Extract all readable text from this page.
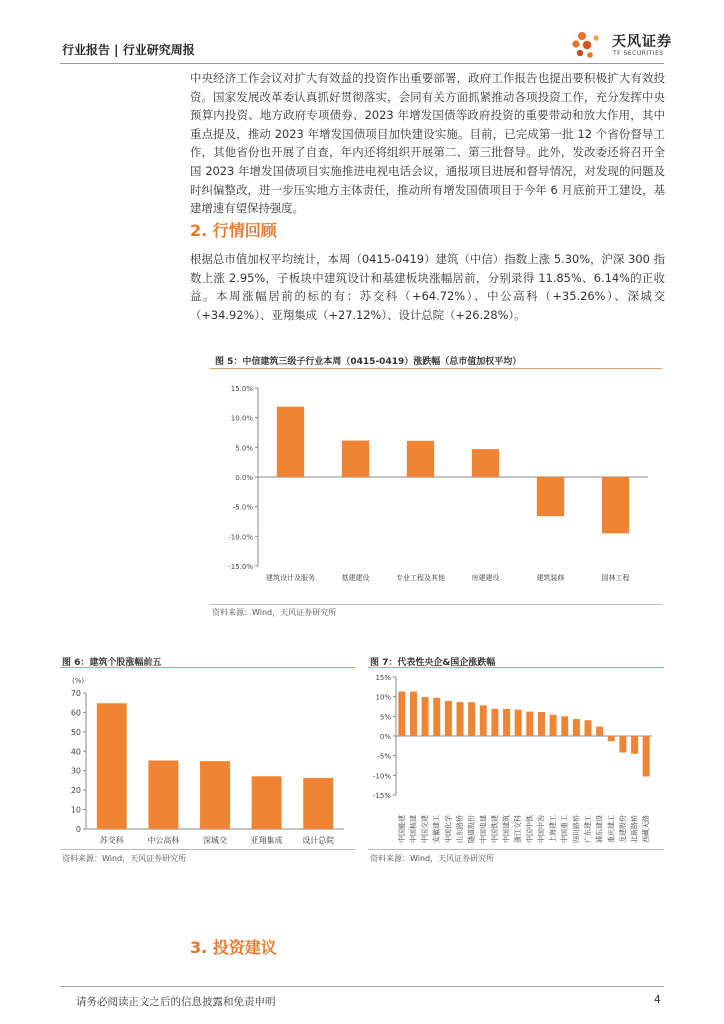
行业报告 | 行业研究周报	天风证券
TF SECURITIES

中央经济工作会议对扩大有效益的投资作出重要部署，政府工作报告也提出要积极扩大有效投资。国家发展改革委认真抓好贯彻落实，会同有关方面抓紧推动各项投资工作，充分发挥中央预算内投资、地方政府专项债券、2023 年增发国债等政府投资的重要带动和放大作用，其中重点提及，推动 2023 年增发国债项目加快建设实施。目前，已完成第一批 12 个省份督导工作，其他省份也开展了自查，年内还将组织开展第二、第三批督导。此外，发改委还将召开全国 2023 年增发国债项目实施推进电视电话会议，通报项目进展和督导情况，对发现的问题及时纠偏整改，进一步压实地方主体责任，推动所有增发国债项目于今年 6 月底前开工建设，基建增速有望保持强度。

2. 行情回顾

根据总市值加权平均统计，本周（0415-0419）建筑（中信）指数上涨 5.30%，沪深 300 指数上涨 2.95%，子板块中建筑设计和基建板块涨幅居前，分别录得 11.85%、6.14%的正收益。本周涨幅居前的标的有：苏交科（+64.72%）、中公高科（+35.26%）、深城交（+34.92%）、亚翔集成（+27.12%）、设计总院（+26.28%）。

图 5：中信建筑三级子行业本周（0415-0419）涨跌幅（总市值加权平均）
15.0%
10.0%
5.0%
0.0%
-5.0%
-10.0%
-15.0%
建筑设计及服务	基建建设	专业工程及其他	房建建设	建筑装修	园林工程
资料来源：Wind，天风证券研究所
图 6：建筑个股涨幅前五
70
60
50
40
30
20
10
0
苏交科	中公高科	深城交	亚翔集成 设计总院
(%)
资料来源：Wind，天风证券研究所
图 7：代表性央企&国企涨跌幅
15%
10%
5%
0%
-5%
-10%
-15%
中国能建 中国核建 中国交建 安徽建工 中国化学 山东路桥 隧道股份 中国电建 中国铁建 中国建筑 浙江交科 中国中铁 中国中冶 上海建工 中国重工 四川路桥 广东建工 浦东建设 重庆建工 龙建股份 北新路桥 西藏天路
资料来源：Wind，天风证券研究所
3. 投资建议
请务必阅读正文之后的信息披露和免责申明	4
